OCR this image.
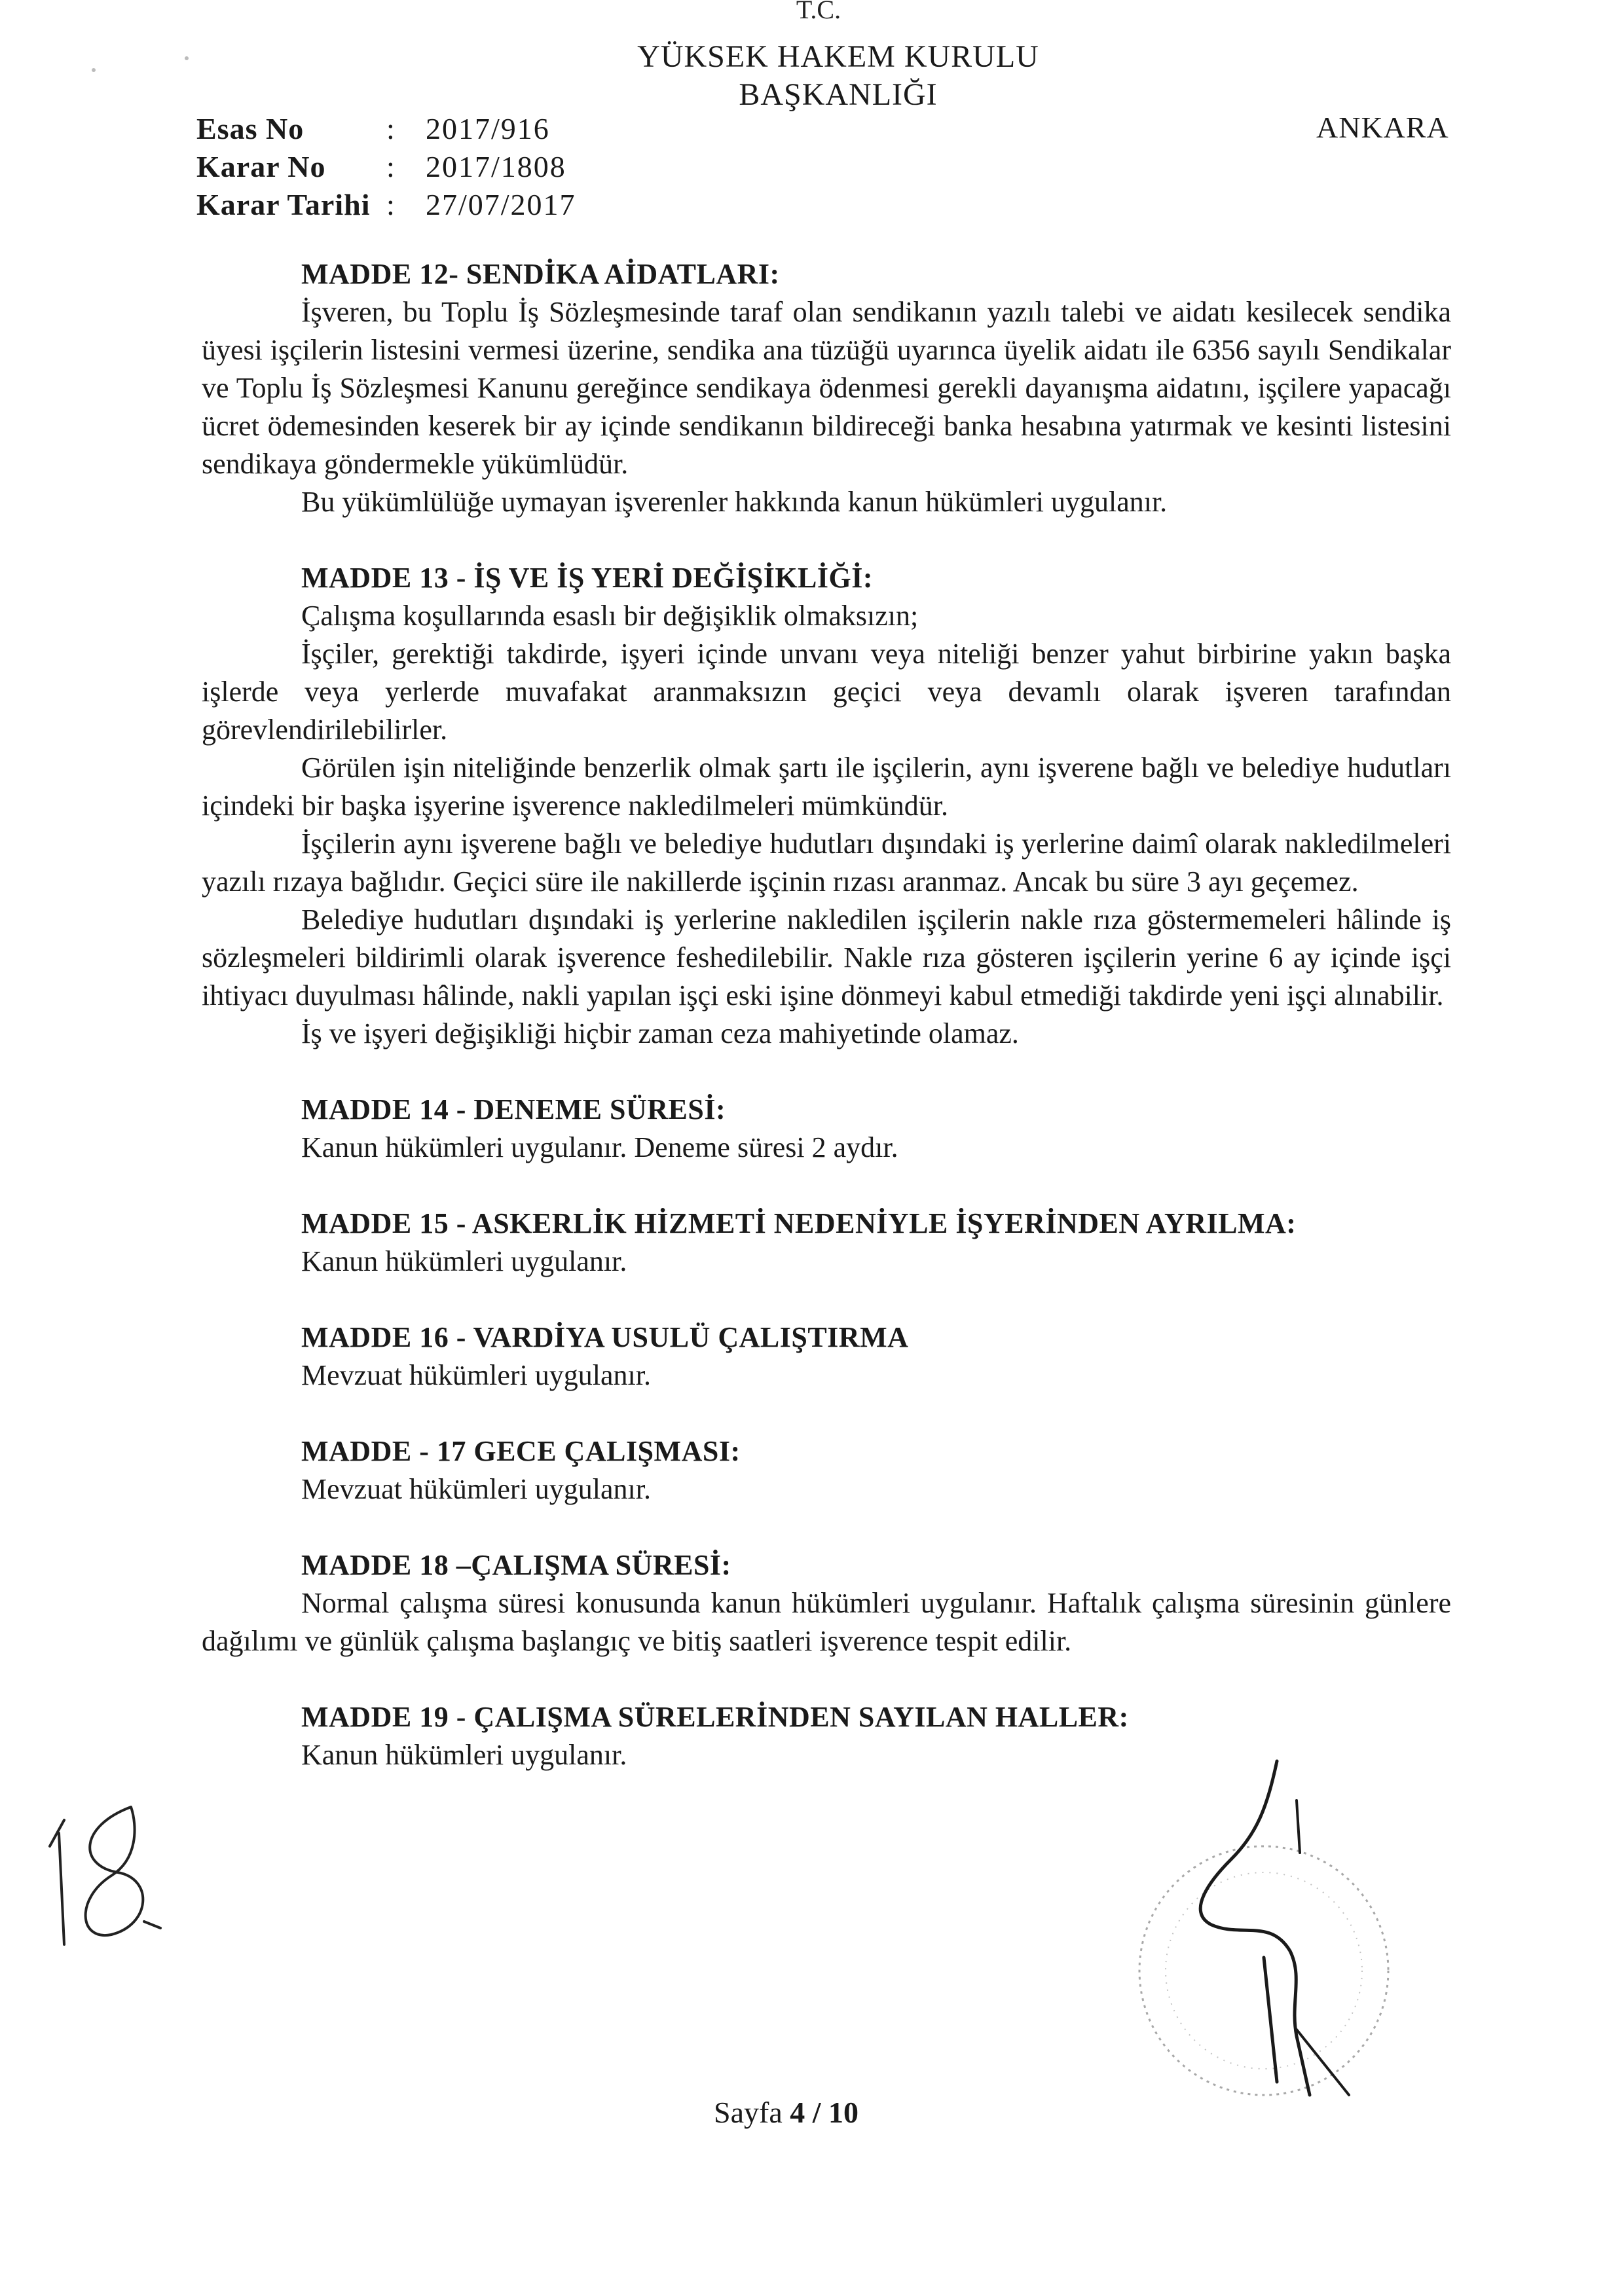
T.C.
YÜKSEK HAKEM KURULU
BAŞKANLIĞI
ANKARA
Esas No	:	2017/916
Karar No	:	2017/1808
Karar Tarihi :	27/07/2017
MADDE 12- SENDİKA AİDATLARI:

İşveren, bu Toplu İş Sözleşmesinde taraf olan sendikanın yazılı talebi ve aidatı kesilecek sendika üyesi işçilerin listesini vermesi üzerine, sendika ana tüzüğü uyarınca üyelik aidatı ile 6356 sayılı Sendikalar ve Toplu İş Sözleşmesi Kanunu gereğince sendikaya ödenmesi gerekli dayanışma aidatını, işçilere yapacağı ücret ödemesinden keserek bir ay içinde sendikanın bildireceği banka hesabına yatırmak ve kesinti listesini sendikaya göndermekle yükümlüdür.

Bu yükümlülüğe uymayan işverenler hakkında kanun hükümleri uygulanır.

MADDE 13 - İŞ VE İŞ YERİ DEĞİŞİKLİĞİ:

Çalışma koşullarında esaslı bir değişiklik olmaksızın;

İşçiler, gerektiği takdirde, işyeri içinde unvanı veya niteliği benzer yahut birbirine yakın başka işlerde veya yerlerde muvafakat aranmaksızın geçici veya devamlı olarak işveren tarafından görevlendirilebilirler.

Görülen işin niteliğinde benzerlik olmak şartı ile işçilerin, aynı işverene bağlı ve belediye hudutları içindeki bir başka işyerine işverence nakledilmeleri mümkündür.

İşçilerin aynı işverene bağlı ve belediye hudutları dışındaki iş yerlerine daimî olarak nakledilmeleri yazılı rızaya bağlıdır. Geçici süre ile nakillerde işçinin rızası aranmaz. Ancak bu süre 3 ayı geçemez.

Belediye hudutları dışındaki iş yerlerine nakledilen işçilerin nakle rıza göstermemeleri hâlinde iş sözleşmeleri bildirimli olarak işverence feshedilebilir. Nakle rıza gösteren işçilerin yerine 6 ay içinde işçi ihtiyacı duyulması hâlinde, nakli yapılan işçi eski işine dönmeyi kabul etmediği takdirde yeni işçi alınabilir.

İş ve işyeri değişikliği hiçbir zaman ceza mahiyetinde olamaz.

MADDE 14 - DENEME SÜRESİ:

Kanun hükümleri uygulanır. Deneme süresi 2 aydır.

MADDE 15 - ASKERLİK HİZMETİ NEDENİYLE İŞYERİNDEN AYRILMA:

Kanun hükümleri uygulanır.

MADDE 16 - VARDİYA USULÜ ÇALIŞTIRMA

Mevzuat hükümleri uygulanır.

MADDE - 17 GECE ÇALIŞMASI:

Mevzuat hükümleri uygulanır.

MADDE 18 –ÇALIŞMA SÜRESİ:

Normal çalışma süresi konusunda kanun hükümleri uygulanır. Haftalık çalışma süresinin günlere dağılımı ve günlük çalışma başlangıç ve bitiş saatleri işverence tespit edilir.

MADDE 19 - ÇALIŞMA SÜRELERİNDEN SAYILAN HALLER:

Kanun hükümleri uygulanır.

Sayfa 4 / 10
